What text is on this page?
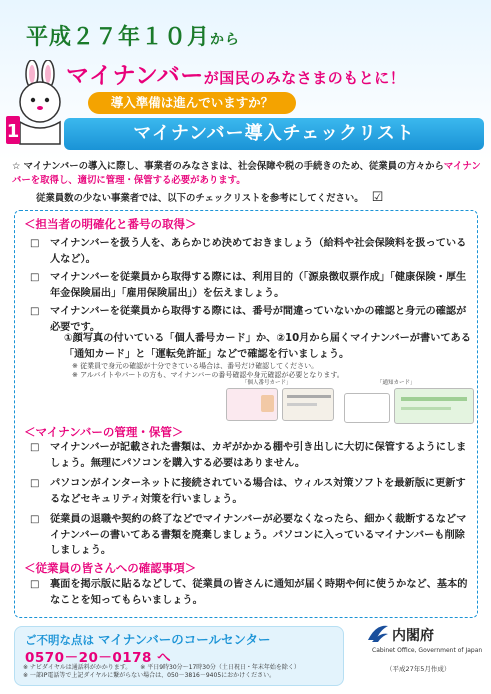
平成２７年１０月から
1
マイナンバーが国民のみなさまのもとに！
導入準備は進んでいますか？
マイナンバー導入チェックリスト
☆ マイナンバーの導入に際し、事業者のみなさまは、社会保障や税の手続きのため、従業員の方々からマイナンバーを取得し、適切に管理・保管する必要があります。
従業員数の少ない事業者では、以下のチェックリストを参考にしてください。 ☑
＜担当者の明確化と番号の取得＞
□ マイナンバーを扱う人を、あらかじめ決めておきましょう（給料や社会保険料を扱っている人など）。
□ マイナンバーを従業員から取得する際には、利用目的（「源泉徴収票作成」「健康保険・厚生年金保険届出」「雇用保険届出」）を伝えましょう。
□ マイナンバーを従業員から取得する際には、番号が間違っていないかの確認と身元の確認が必要です。
①顔写真の付いている「個人番号カード」か、②10月から届くマイナンバーが書いてある「通知カード」と「運転免許証」などで確認を行いましょう。
※ 従業員で身元の確認が十分できている場合は、番号だけ確認してください。
※ アルバイトやパートの方も、マイナンバーの番号確認や身元確認が必要となります。
「個人番号カード」	「通知カード」
＜マイナンバーの管理・保管＞
□ マイナンバーが記載された書類は、カギがかかる棚や引き出しに大切に保管するようにしましょう。無理にパソコンを購入する必要はありません。
□ パソコンがインターネットに接続されている場合は、ウィルス対策ソフトを最新版に更新するなどセキュリティ対策を行いましょう。
□ 従業員の退職や契約の終了などでマイナンバーが必要なくなったら、細かく裁断するなどマイナンバーの書いてある書類を廃棄しましょう。パソコンに入っているマイナンバーも削除しましょう。
＜従業員の皆さんへの確認事項＞
□ 裏面を掲示版に貼るなどして、従業員の皆さんに通知が届く時期や何に使うかなど、基本的なことを知ってもらいましょう。
ご不明な点は マイナンバーのコールセンター
0570－20－0178 へ
※ ナビダイヤルは通話料がかかります。　　※ 平日9時30分～17時30分（土日祝日・年末年始を除く）
※ 一部IP電話等で上記ダイヤルに繋がらない場合は、050－3816－9405におかけください。
内閣府
Cabinet Office, Government of Japan
（平成27年5月作成）
